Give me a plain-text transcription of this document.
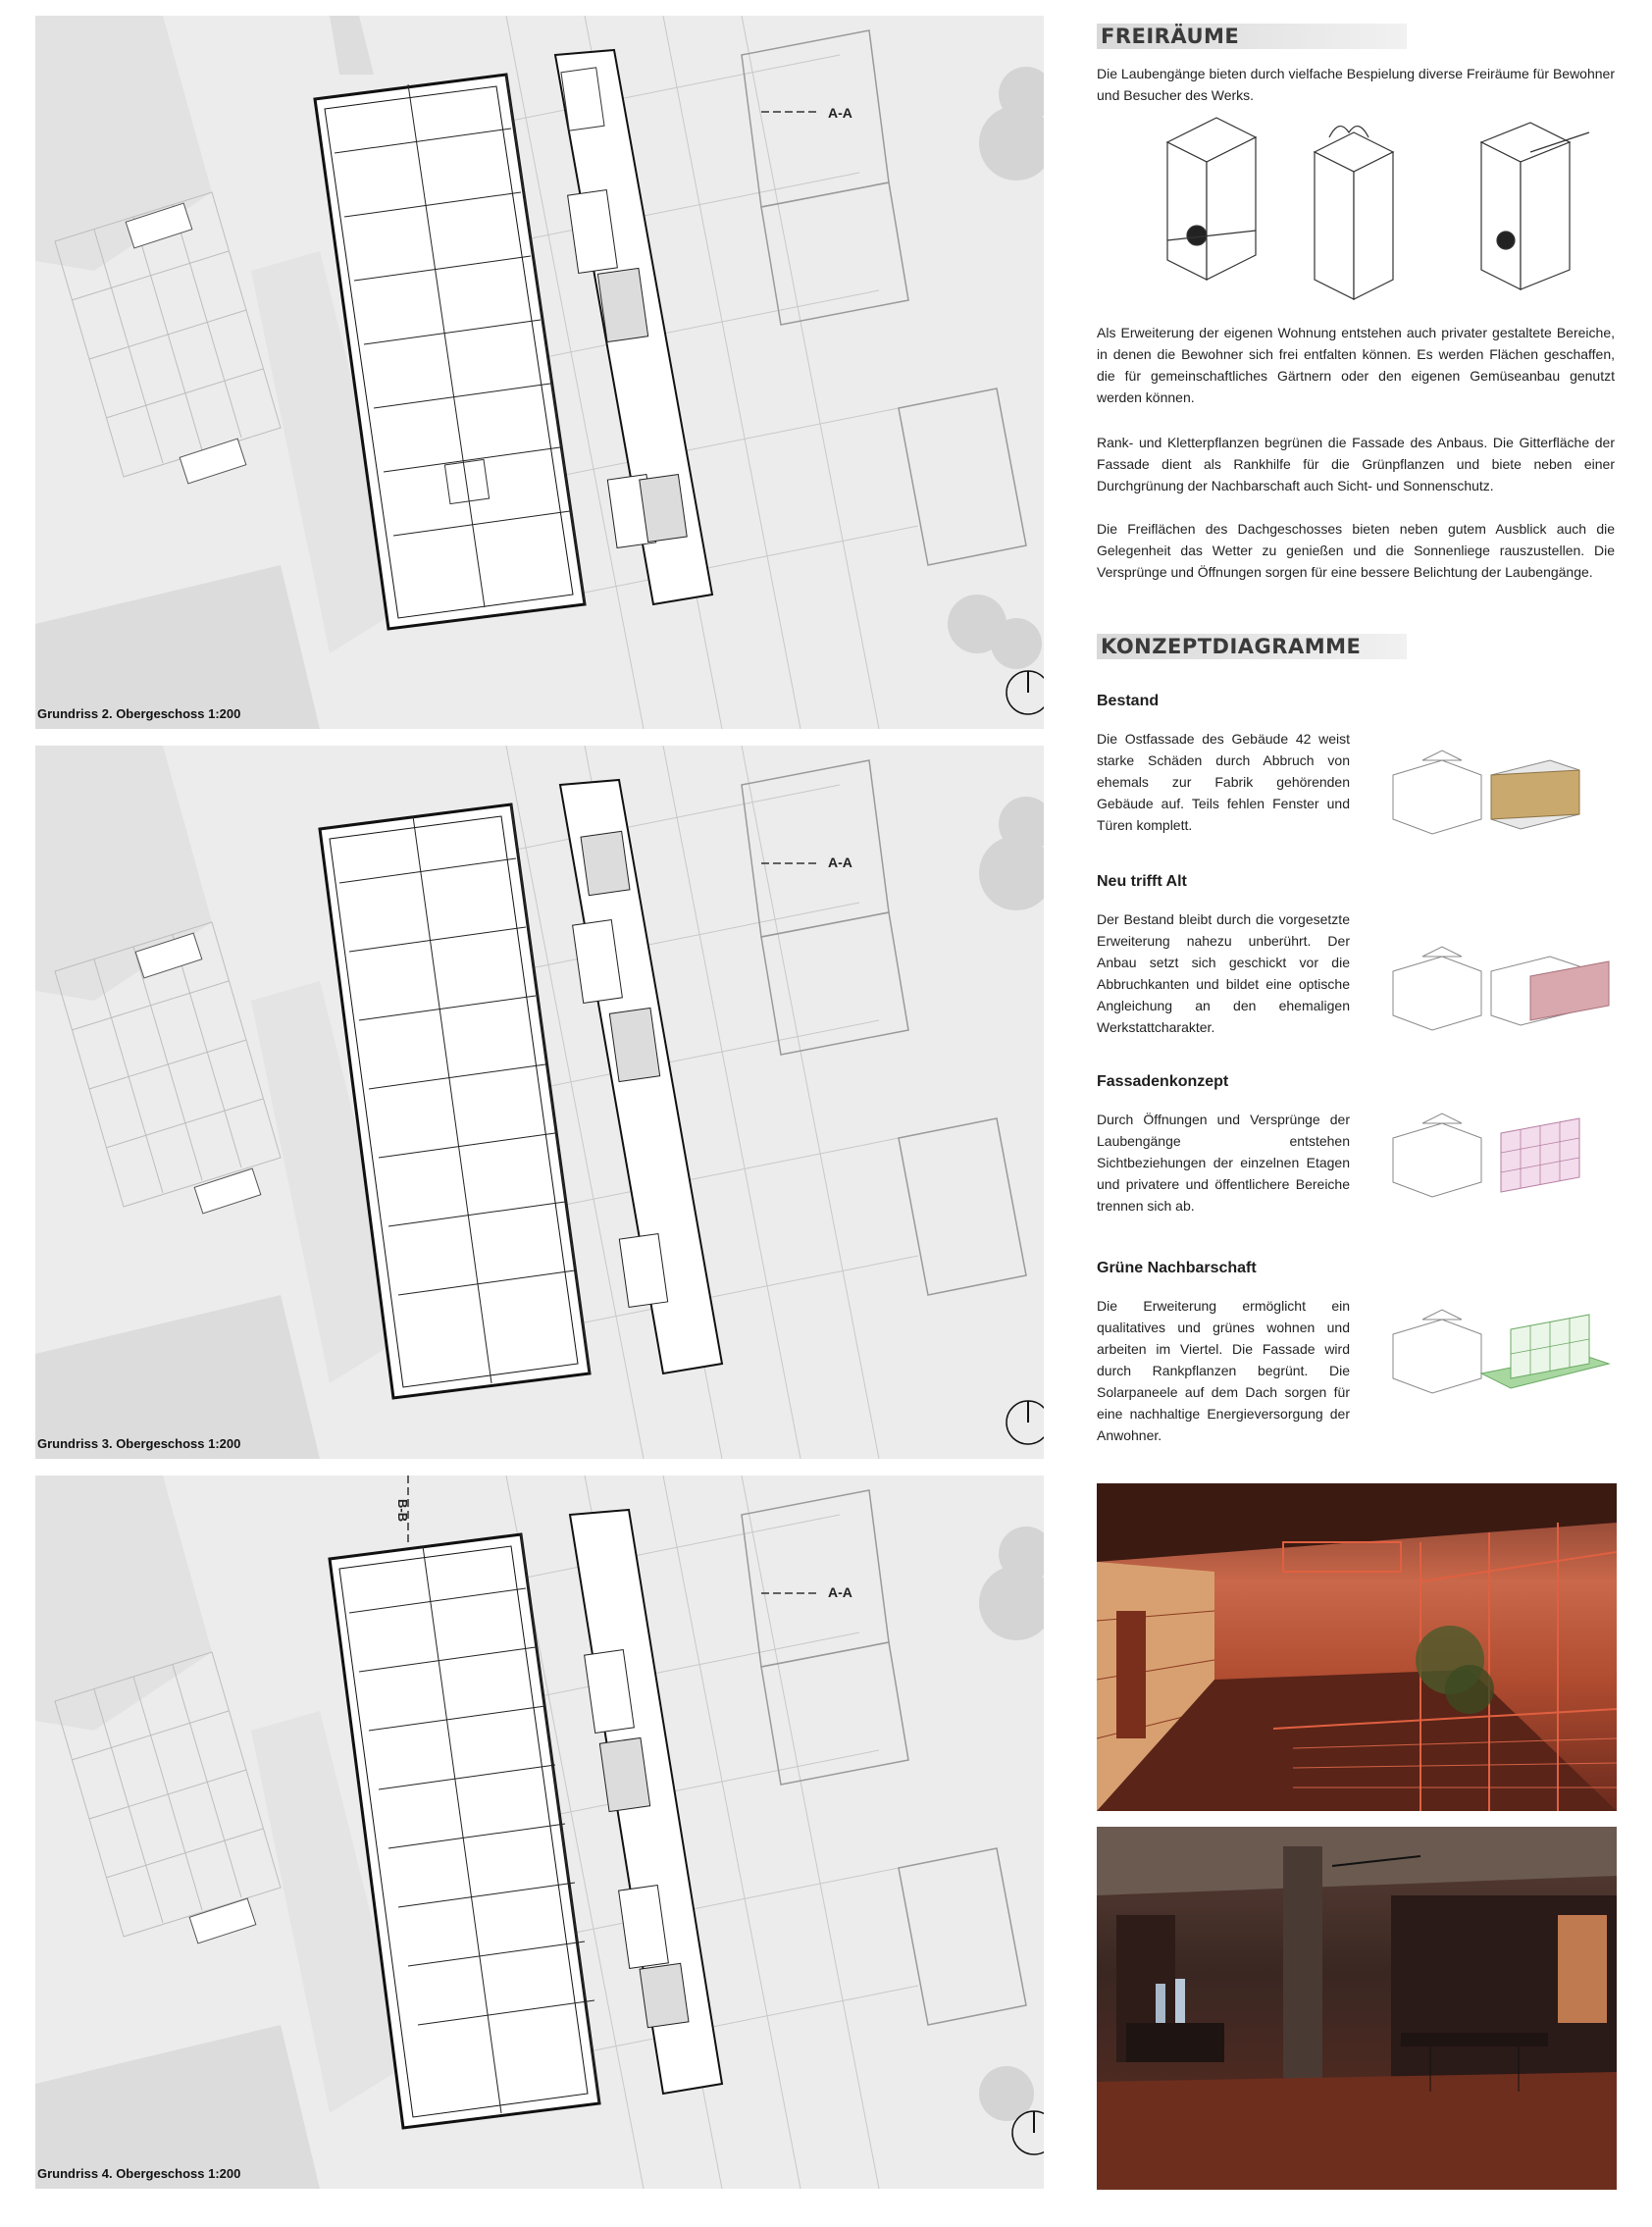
A-A
Grundriss 2. Obergeschoss 1:200
A-A
Grundriss 3. Obergeschoss 1:200
B-B
A-A
Grundriss 4. Obergeschoss 1:200
FREIRÄUME
Die Laubengänge bieten durch vielfache Bespielung diverse Freiräume für Bewohner und Besucher des Werks.
Als Erweiterung der eigenen Wohnung entstehen auch privater gestaltete Bereiche, in denen die Bewohner sich frei entfalten können. Es werden Flächen geschaffen, die für gemeinschaftliches Gärtnern oder den eigenen Gemüseanbau genutzt werden können.
Rank- und Kletterpflanzen begrünen die Fassade des Anbaus. Die Gitterfläche der Fassade dient als Rankhilfe für die Grünpflanzen und biete neben einer Durchgrünung der Nachbarschaft auch Sicht- und Sonnenschutz.
Die Freiflächen des Dachgeschosses bieten neben gutem Ausblick auch die Gelegenheit das Wetter zu genießen und die Sonnenliege rauszustellen. Die Versprünge und Öffnungen sorgen für eine bessere Belichtung der Laubengänge.
KONZEPTDIAGRAMME
Bestand
Die Ostfassade des Gebäude 42 weist starke Schäden durch Abbruch von ehemals zur Fabrik gehörenden Gebäude auf. Teils fehlen Fenster und Türen komplett.
Neu trifft Alt
Der Bestand bleibt durch die vorgesetzte Erweiterung nahezu unberührt. Der Anbau setzt sich geschickt vor die Abbruchkanten und bildet eine optische Angleichung an den ehemaligen Werkstattcharakter.
Fassadenkonzept
Durch Öffnungen und Versprünge der Laubengänge entstehen Sichtbeziehungen der einzelnen Etagen und privatere und öffentlichere Bereiche trennen sich ab.
Grüne Nachbarschaft
Die Erweiterung ermöglicht ein qualitatives und grünes wohnen und arbeiten im Viertel. Die Fassade wird durch Rankpflanzen begrünt. Die Solarpaneele auf dem Dach sorgen für eine nachhaltige Energieversorgung der Anwohner.
